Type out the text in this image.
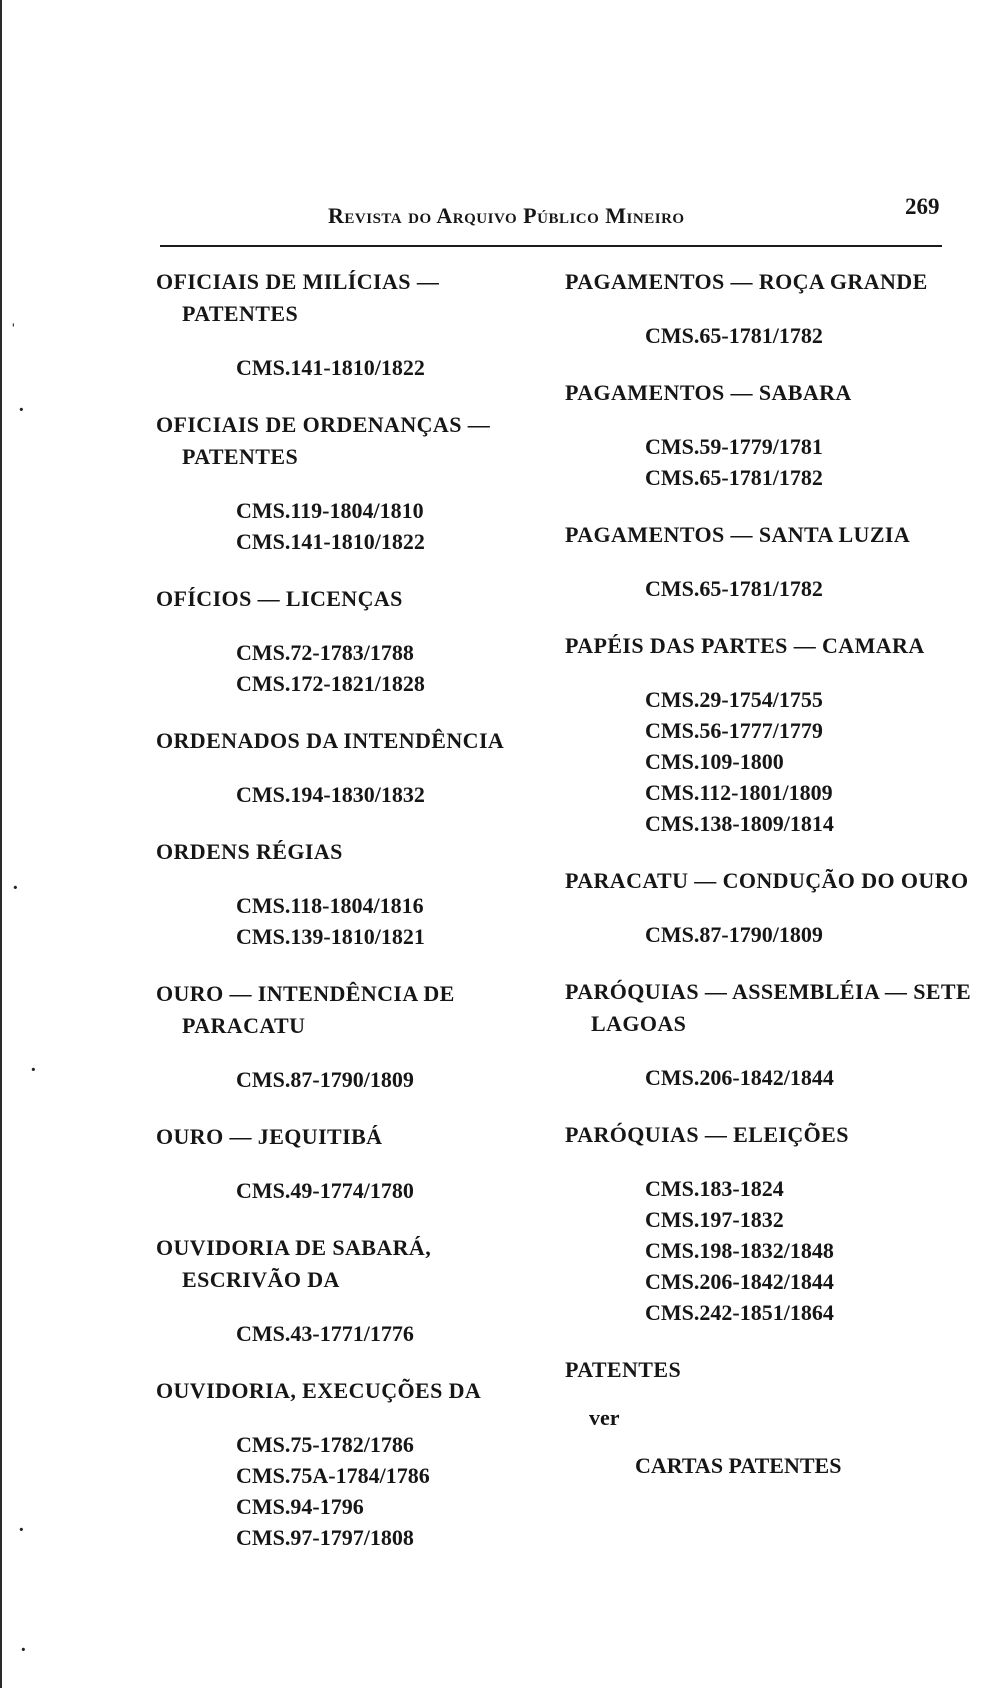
ˌ
·
·
·
·
·
Revista do Arquivo Público Mineiro	269
OFICIAIS DE MILÍCIAS — PATENTES
CMS.141-1810/1822
OFICIAIS DE ORDENANÇAS — PATENTES
CMS.119-1804/1810
CMS.141-1810/1822
OFÍCIOS — LICENÇAS
CMS.72-1783/1788
CMS.172-1821/1828
ORDENADOS DA INTENDÊNCIA
CMS.194-1830/1832
ORDENS RÉGIAS
CMS.118-1804/1816
CMS.139-1810/1821
OURO — INTENDÊNCIA DE PARACATU
CMS.87-1790/1809
OURO — JEQUITIBÁ
CMS.49-1774/1780
OUVIDORIA DE SABARÁ, ESCRIVÃO DA
CMS.43-1771/1776
OUVIDORIA, EXECUÇÕES DA
CMS.75-1782/1786
CMS.75A-1784/1786
CMS.94-1796
CMS.97-1797/1808
PAGAMENTOS — ROÇA GRANDE
CMS.65-1781/1782
PAGAMENTOS — SABARA
CMS.59-1779/1781
CMS.65-1781/1782
PAGAMENTOS — SANTA LUZIA
CMS.65-1781/1782
PAPÉIS DAS PARTES — CAMARA
CMS.29-1754/1755
CMS.56-1777/1779
CMS.109-1800
CMS.112-1801/1809
CMS.138-1809/1814
PARACATU — CONDUÇÃO DO OURO
CMS.87-1790/1809
PARÓQUIAS — ASSEMBLÉIA — SETE LAGOAS
CMS.206-1842/1844
PARÓQUIAS — ELEIÇÕES
CMS.183-1824
CMS.197-1832
CMS.198-1832/1848
CMS.206-1842/1844
CMS.242-1851/1864
PATENTES
ver
CARTAS PATENTES
